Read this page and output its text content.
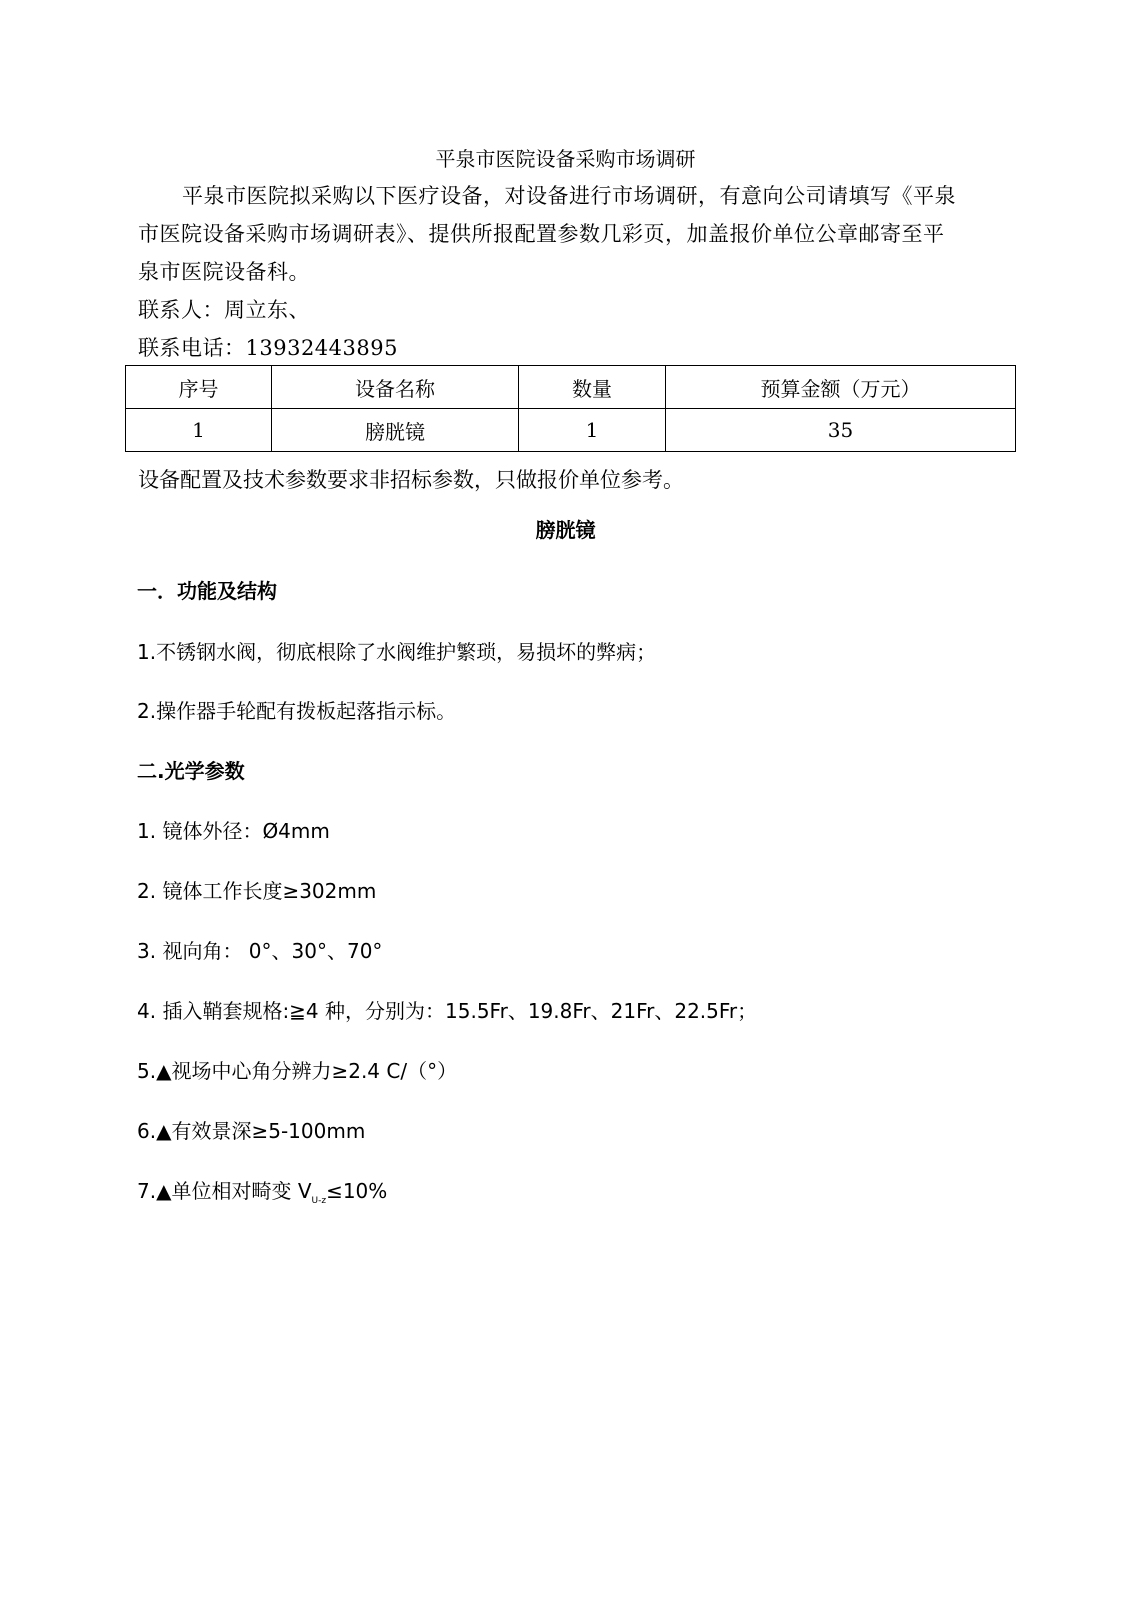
平泉市医院设备采购市场调研
平泉市医院拟采购以下医疗设备，对设备进行市场调研，有意向公司请填写《平泉
市医院设备采购市场调研表》、提供所报配置参数几彩页，加盖报价单位公章邮寄至平
泉市医院设备科。
联系人：周立东、
联系电话：13932443895
序号	设备名称	数量	预算金额（万元）
1	膀胱镜	1	35
设备配置及技术参数要求非招标参数，只做报价单位参考。
膀胱镜
一．功能及结构
1.不锈钢水阀，彻底根除了水阀维护繁琐，易损坏的弊病；
2.操作器手轮配有拨板起落指示标。
二.光学参数
1. 镜体外径：Ø4mm
2. 镜体工作长度≥302mm
3. 视向角： 0°、30°、70°
4. 插入鞘套规格:≧4 种，分别为：15.5Fr、19.8Fr、21Fr、22.5Fr；
5.▲视场中心角分辨力≥2.4 C/（°）
6.▲有效景深≥5-100mm
7.▲单位相对畸变 $V_{U-z}\le 10\%$
